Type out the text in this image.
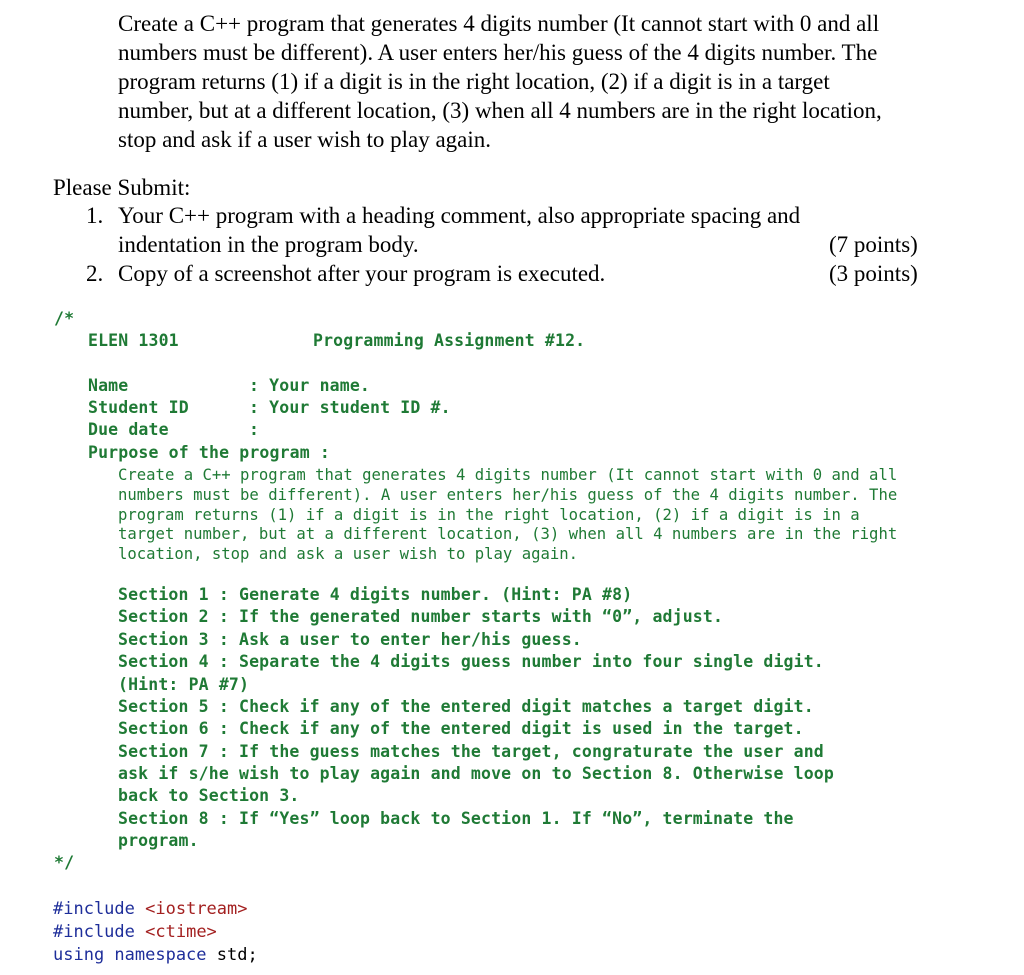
Create a C++ program that generates 4 digits number (It cannot start with 0 and all
numbers must be different). A user enters her/his guess of the 4 digits number. The
program returns (1) if a digit is in the right location, (2) if a digit is in a target
number, but at a different location, (3) when all 4 numbers are in the right location,
stop and ask if a user wish to play again.
Please Submit:
1. Your C++ program with a heading comment, also appropriate spacing and
indentation in the program body.	(7 points)
2. Copy of a screenshot after your program is executed.	(3 points)
/*
ELEN 1301	Programming Assignment #12.
Name	: Your name.
Student ID	: Your student ID #.
Due date	:
Purpose of the program :
Create a C++ program that generates 4 digits number (It cannot start with 0 and all
numbers must be different). A user enters her/his guess of the 4 digits number. The
program returns (1) if a digit is in the right location, (2) if a digit is in a
target number, but at a different location, (3) when all 4 numbers are in the right
location, stop and ask a user wish to play again.
Section 1 : Generate 4 digits number. (Hint: PA #8)
Section 2 : If the generated number starts with “0”, adjust.
Section 3 : Ask a user to enter her/his guess.
Section 4 : Separate the 4 digits guess number into four single digit.
(Hint: PA #7)
Section 5 : Check if any of the entered digit matches a target digit.
Section 6 : Check if any of the entered digit is used in the target.
Section 7 : If the guess matches the target, congraturate the user and
ask if s/he wish to play again and move on to Section 8. Otherwise loop
back to Section 3.
Section 8 : If “Yes” loop back to Section 1. If “No”, terminate the
program.
*/
#include <iostream>
#include <ctime>
using namespace std;
